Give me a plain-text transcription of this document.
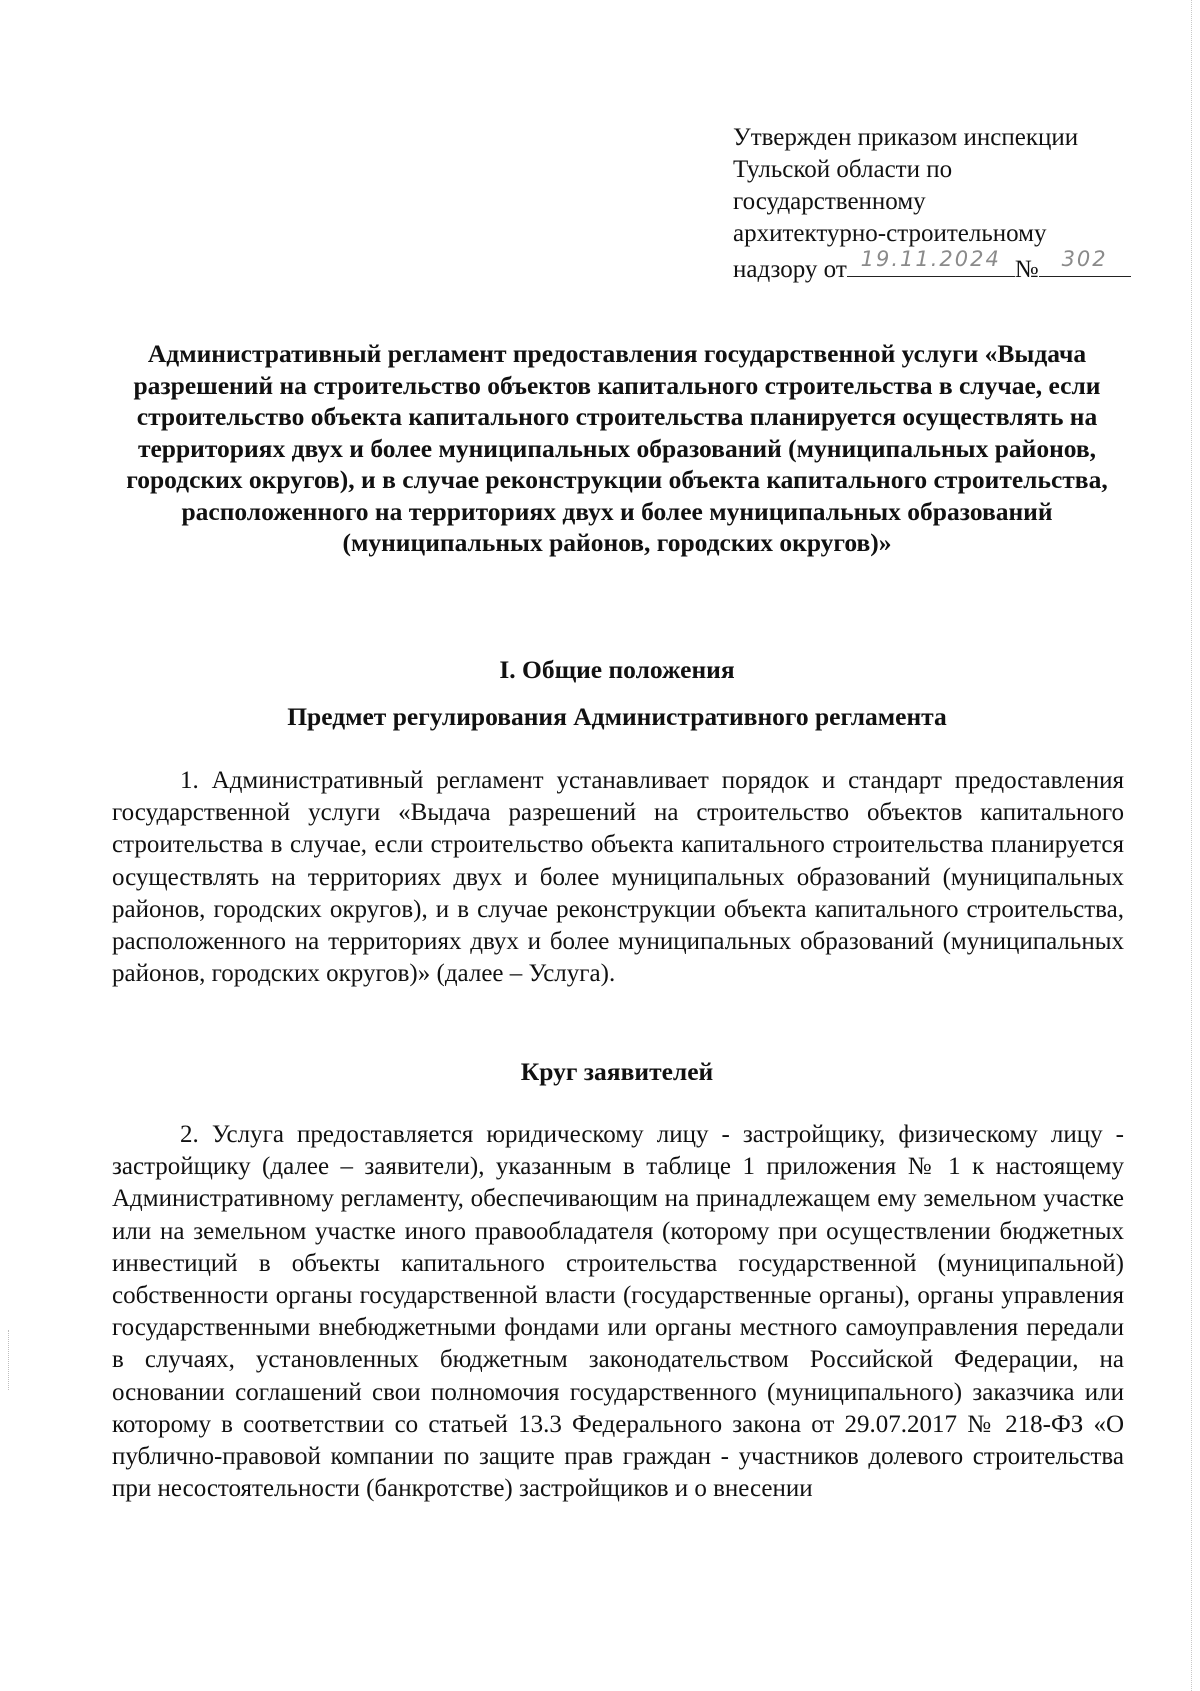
Утвержден приказом инспекции
Тульской области по
государственному
архитектурно-строительному
надзору от 19.11.2024 №	302
Административный регламент предоставления государственной услуги «Выдача разрешений на строительство объектов капитального строительства в случае, если строительство объекта капитального строительства планируется осуществлять на территориях двух и более муниципальных образований (муниципальных районов, городских округов), и в случае реконструкции объекта капитального строительства, расположенного на территориях двух и более муниципальных образований (муниципальных районов, городских округов)»
I. Общие положения
Предмет регулирования Административного регламента
1. Административный регламент устанавливает порядок и стандарт предоставления государственной услуги «Выдача разрешений на строительство объектов капитального строительства в случае, если строительство объекта капитального строительства планируется осуществлять на территориях двух и более муниципальных образований (муниципальных районов, городских округов), и в случае реконструкции объекта капитального строительства, расположенного на территориях двух и более муниципальных образований (муниципальных районов, городских округов)» (далее – Услуга).
Круг заявителей
2. Услуга предоставляется юридическому лицу - застройщику, физическому лицу - застройщику (далее – заявители), указанным в таблице 1 приложения № 1 к настоящему Административному регламенту, обеспечивающим на принадлежащем ему земельном участке или на земельном участке иного правообладателя (которому при осуществлении бюджетных инвестиций в объекты капитального строительства государственной (муниципальной) собственности органы государственной власти (государственные органы), органы управления государственными внебюджетными фондами или органы местного самоуправления передали в случаях, установленных бюджетным законодательством Российской Федерации, на основании соглашений свои полномочия государственного (муниципального) заказчика или которому в соответствии со статьей 13.3 Федерального закона от 29.07.2017 № 218-ФЗ «О публично-правовой компании по защите прав граждан - участников долевого строительства при несостоятельности (банкротстве) застройщиков и о внесении
